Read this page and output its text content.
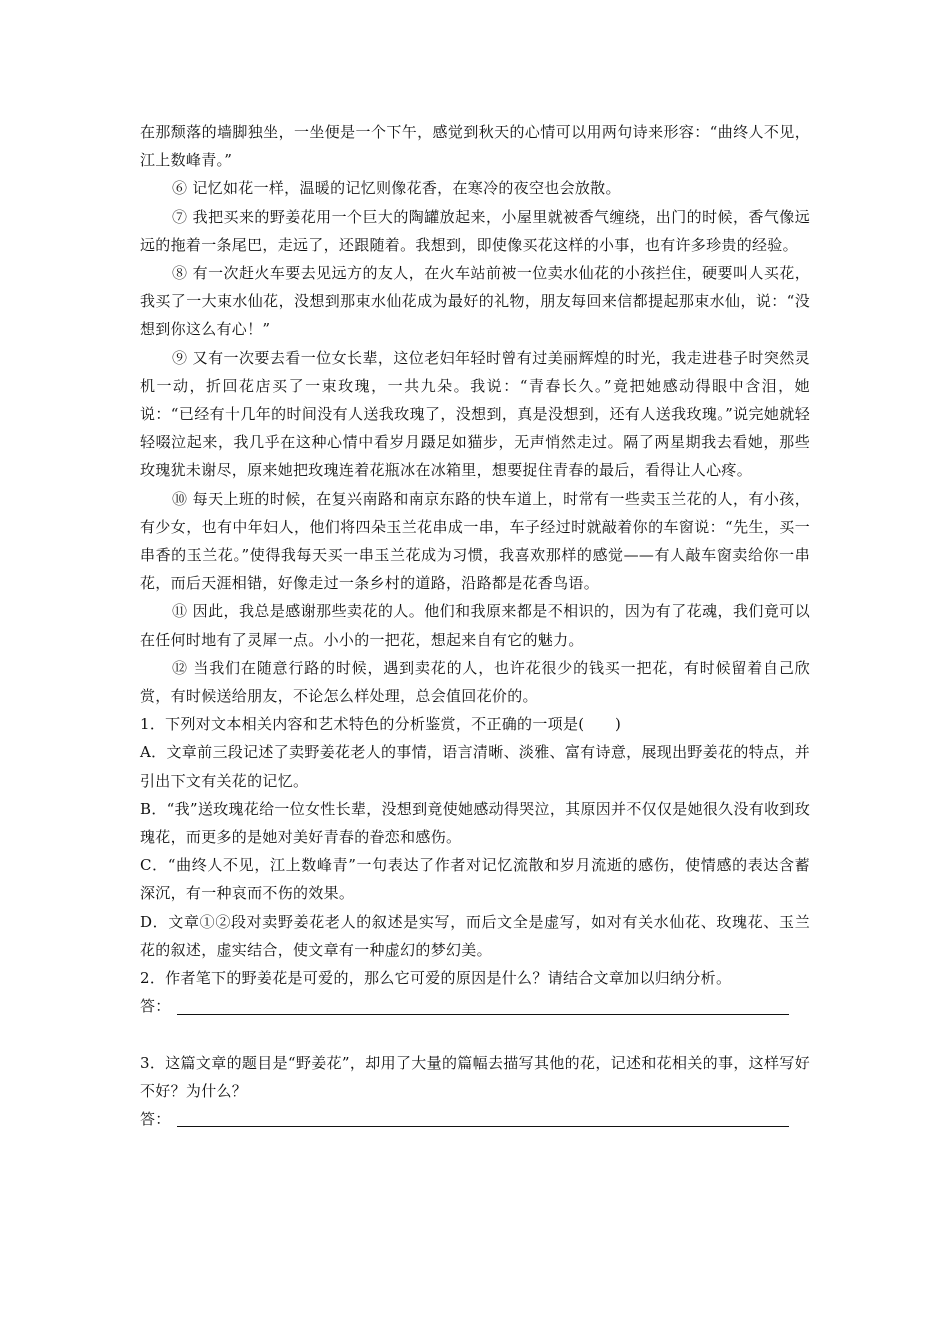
在那颓落的墙脚独坐，一坐便是一个下午，感觉到秋天的心情可以用两句诗来形容：“曲终人不见，江上数峰青。”

⑥ 记忆如花一样，温暖的记忆则像花香，在寒冷的夜空也会放散。

⑦ 我把买来的野姜花用一个巨大的陶罐放起来，小屋里就被香气缠绕，出门的时候，香气像远远的拖着一条尾巴，走远了，还跟随着。我想到，即使像买花这样的小事，也有许多珍贵的经验。

⑧ 有一次赶火车要去见远方的友人，在火车站前被一位卖水仙花的小孩拦住，硬要叫人买花，我买了一大束水仙花，没想到那束水仙花成为最好的礼物，朋友每回来信都提起那束水仙，说：“没想到你这么有心！”

⑨ 又有一次要去看一位女长辈，这位老妇年轻时曾有过美丽辉煌的时光，我走进巷子时突然灵机一动，折回花店买了一束玫瑰，一共九朵。我说：“青春长久。”竟把她感动得眼中含泪，她说：“已经有十几年的时间没有人送我玫瑰了，没想到，真是没想到，还有人送我玫瑰。”说完她就轻轻啜泣起来，我几乎在这种心情中看岁月蹑足如猫步，无声悄然走过。隔了两星期我去看她，那些玫瑰犹未谢尽，原来她把玫瑰连着花瓶冰在冰箱里，想要捉住青春的最后，看得让人心疼。

⑩ 每天上班的时候，在复兴南路和南京东路的快车道上，时常有一些卖玉兰花的人，有小孩，有少女，也有中年妇人，他们将四朵玉兰花串成一串，车子经过时就敲着你的车窗说：“先生，买一串香的玉兰花。”使得我每天买一串玉兰花成为习惯，我喜欢那样的感觉——有人敲车窗卖给你一串花，而后天涯相错，好像走过一条乡村的道路，沿路都是花香鸟语。

⑪ 因此，我总是感谢那些卖花的人。他们和我原来都是不相识的，因为有了花魂，我们竟可以在任何时地有了灵犀一点。小小的一把花，想起来自有它的魅力。

⑫ 当我们在随意行路的时候，遇到卖花的人，也许花很少的钱买一把花，有时候留着自己欣赏，有时候送给朋友，不论怎么样处理，总会值回花价的。

1．下列对文本相关内容和艺术特色的分析鉴赏，不正确的一项是(　　)

A．文章前三段记述了卖野姜花老人的事情，语言清晰、淡雅、富有诗意，展现出野姜花的特点，并引出下文有关花的记忆。

B．“我”送玫瑰花给一位女性长辈，没想到竟使她感动得哭泣，其原因并不仅仅是她很久没有收到玫瑰花，而更多的是她对美好青春的眷恋和感伤。

C．“曲终人不见，江上数峰青”一句表达了作者对记忆流散和岁月流逝的感伤，使情感的表达含蓄深沉，有一种哀而不伤的效果。

D．文章①②段对卖野姜花老人的叙述是实写，而后文全是虚写，如对有关水仙花、玫瑰花、玉兰花的叙述，虚实结合，使文章有一种虚幻的梦幻美。

2．作者笔下的野姜花是可爱的，那么它可爱的原因是什么？请结合文章加以归纳分析。

答：

3．这篇文章的题目是“野姜花”，却用了大量的篇幅去描写其他的花，记述和花相关的事，这样写好不好？为什么？

答：
